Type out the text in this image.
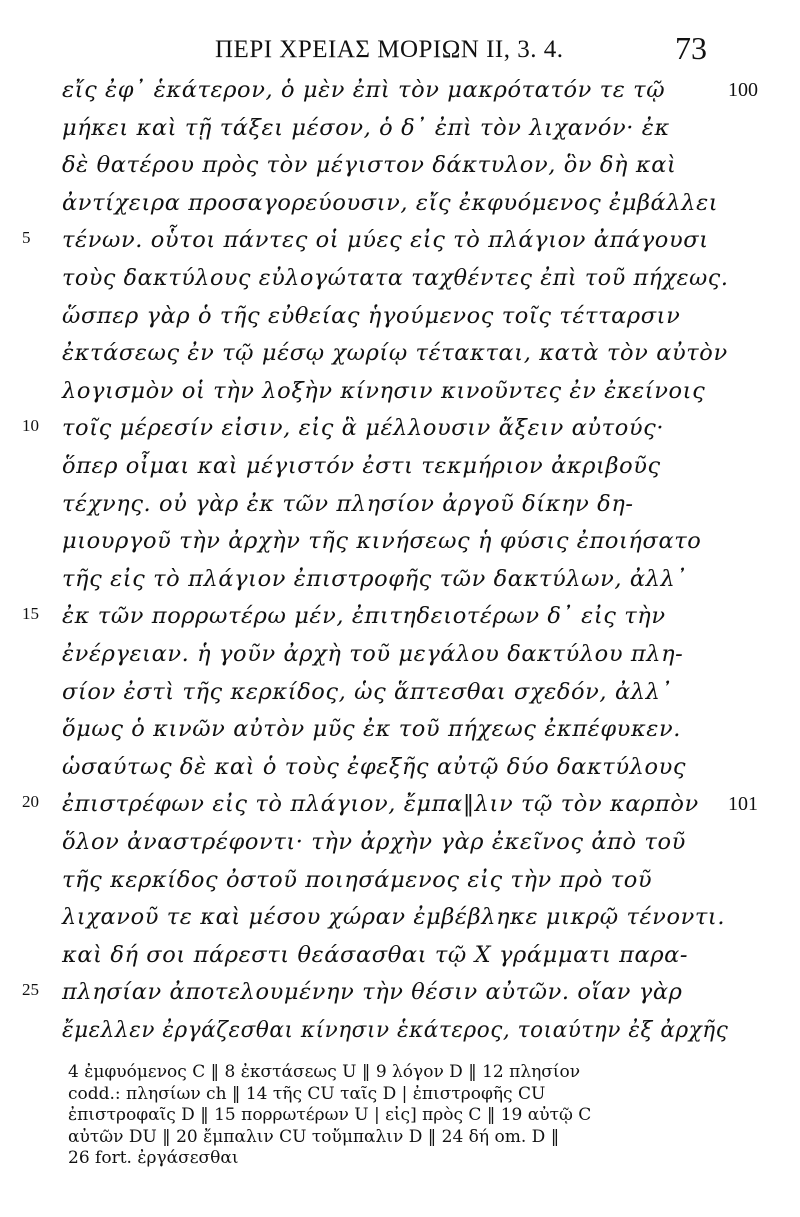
ΠΕΡΙ ΧΡΕΙΑΣ ΜΟΡΙΩΝ II, 3. 4.	73
εἴς ἐφ᾽ ἑκάτερον, ὁ μὲν ἐπὶ τὸν μακρότατόν τε τῷ	100
μήκει καὶ τῇ τάξει μέσον, ὁ δ᾽ ἐπὶ τὸν λιχανόν· ἐκ
δὲ θατέρου πρὸς τὸν μέγιστον δάκτυλον, ὃν δὴ καὶ
ἀντίχειρα προσαγορεύουσιν, εἴς ἐκφυόμενος ἐμβάλλει
5	τένων. οὗτοι πάντες οἱ μύες εἰς τὸ πλάγιον ἀπάγουσι
τοὺς δακτύλους εὐλογώτατα ταχθέντες ἐπὶ τοῦ πήχεως.
ὥσπερ γὰρ ὁ τῆς εὐθείας ἡγούμενος τοῖς τέτταρσιν
ἐκτάσεως ἐν τῷ μέσῳ χωρίῳ τέτακται, κατὰ τὸν αὐτὸν
λογισμὸν οἱ τὴν λοξὴν κίνησιν κινοῦντες ἐν ἐκείνοις
10	τοῖς μέρεσίν εἰσιν, εἰς ἃ μέλλουσιν ἄξειν αὐτούς·
ὅπερ οἶμαι καὶ μέγιστόν ἐστι τεκμήριον ἀκριβοῦς
τέχνης. οὐ γὰρ ἐκ τῶν πλησίον ἀργοῦ δίκην δη-
μιουργοῦ τὴν ἀρχὴν τῆς κινήσεως ἡ φύσις ἐποιήσατο
τῆς εἰς τὸ πλάγιον ἐπιστροφῆς τῶν δακτύλων, ἀλλ᾽
15	ἐκ τῶν πορρωτέρω μέν, ἐπιτηδειοτέρων δ᾽ εἰς τὴν
ἐνέργειαν. ἡ γοῦν ἀρχὴ τοῦ μεγάλου δακτύλου πλη-
σίον ἐστὶ τῆς κερκίδος, ὡς ἅπτεσθαι σχεδόν, ἀλλ᾽
ὅμως ὁ κινῶν αὐτὸν μῦς ἐκ τοῦ πήχεως ἐκπέφυκεν.
ὡσαύτως δὲ καὶ ὁ τοὺς ἐφεξῆς αὐτῷ δύο δακτύλους
20	ἐπιστρέφων εἰς τὸ πλάγιον, ἔμπα‖λιν τῷ τὸν καρπὸν 101
ὅλον ἀναστρέφοντι· τὴν ἀρχὴν γὰρ ἐκεῖνος ἀπὸ τοῦ
τῆς κερκίδος ὀστοῦ ποιησάμενος εἰς τὴν πρὸ τοῦ
λιχανοῦ τε καὶ μέσου χώραν ἐμβέβληκε μικρῷ τένοντι.
καὶ δή σοι πάρεστι θεάσασθαι τῷ X γράμματι παρα-
25	πλησίαν ἀποτελουμένην τὴν θέσιν αὐτῶν. οἵαν γὰρ
ἔμελλεν ἐργάζεσθαι κίνησιν ἑκάτερος, τοιαύτην ἐξ ἀρχῆς
4 ἐμφυόμενος C ‖ 8 ἐκστάσεως U ‖ 9 λόγον D ‖ 12 πλησίον
codd.: πλησίων ch ‖ 14 τῆς CU ταῖς D | ἐπιστροφῆς CU
ἐπιστροφαῖς D ‖ 15 πορρωτέρων U | εἰς] πρὸς C ‖ 19 αὐτῷ C
αὐτῶν DU ‖ 20 ἔμπαλιν CU τοὔμπαλιν D ‖ 24 δή om. D ‖
26 fort. ἐργάσεσθαι
